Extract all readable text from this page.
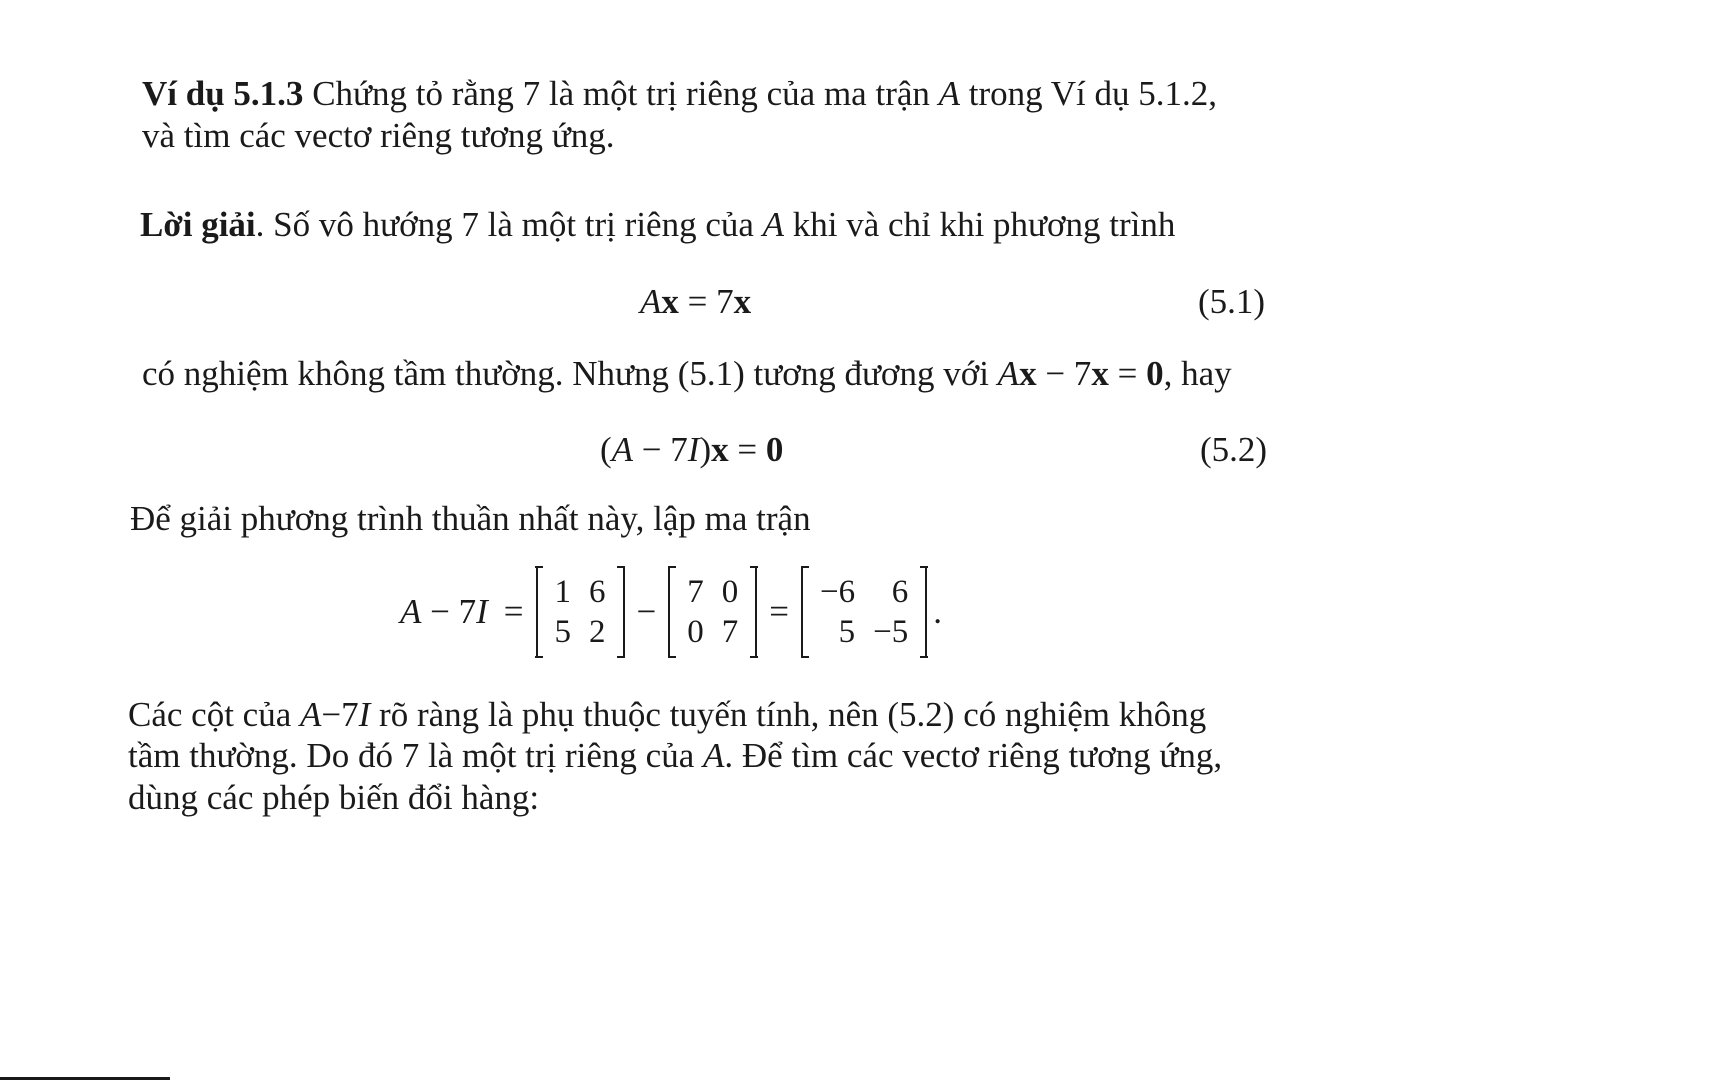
Ví dụ 5.1.3 Chứng tỏ rằng 7 là một trị riêng của ma trận A trong Ví dụ 5.1.2,
và tìm các vectơ riêng tương ứng.
Lời giải. Số vô hướng 7 là một trị riêng của A khi và chỉ khi phương trình
Ax = 7x	(5.1)
có nghiệm không tầm thường. Nhưng (5.1) tương đương với Ax − 7x = 0, hay
(A − 7I)x = 0	(5.2)
Để giải phương trình thuần nhất này, lập ma trận
A − 7I = 1	6
5	2
− 7	0
0	7
= −6	6
5	−5
.
Các cột của A−7I rõ ràng là phụ thuộc tuyến tính, nên (5.2) có nghiệm không
tầm thường. Do đó 7 là một trị riêng của A. Để tìm các vectơ riêng tương ứng,
dùng các phép biến đổi hàng:
